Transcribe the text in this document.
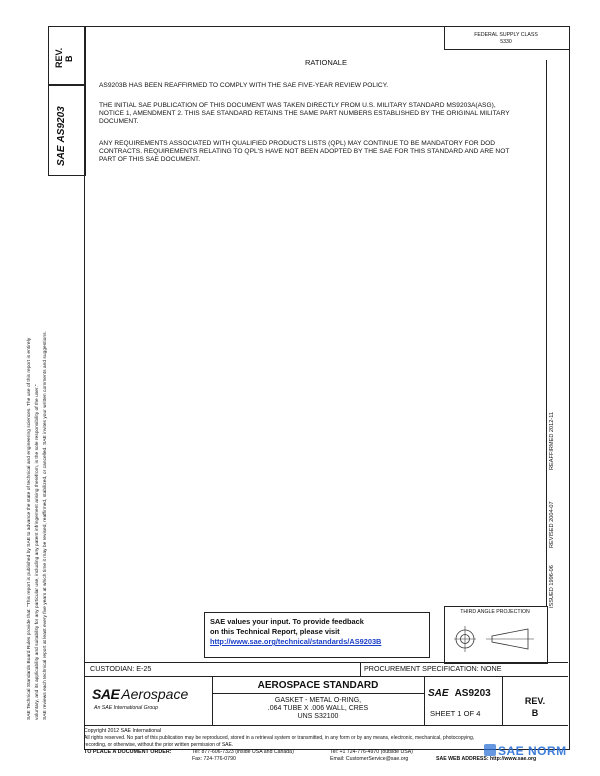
REV. B
SAEAS9203
SAE Technical Standards Board Rules provide that: "This report is published by SAE to advance the state of technical and engineering sciences. The use of this report is entirely voluntary, and its applicability and suitability for any particular use, including any patent infringement arising therefrom, is the sole responsibility of the user." SAE reviews each technical report at least every five years at which time it may be revised, reaffirmed, stabilized, or cancelled. SAE invites your written comments and suggestions.
FEDERAL SUPPLY CLASS
5330
RATIONALE
AS9203B HAS BEEN REAFFIRMED TO COMPLY WITH THE SAE FIVE-YEAR REVIEW POLICY.
THE INITIAL SAE PUBLICATION OF THIS DOCUMENT WAS TAKEN DIRECTLY FROM U.S. MILITARY STANDARD MS9203A(ASG), NOTICE 1, AMENDMENT 2. THIS SAE STANDARD RETAINS THE SAME PART NUMBERS ESTABLISHED BY THE ORIGINAL MILITARY DOCUMENT.
ANY REQUIREMENTS ASSOCIATED WITH QUALIFIED PRODUCTS LISTS (QPL) MAY CONTINUE TO BE MANDATORY FOR DOD CONTRACTS. REQUIREMENTS RELATING TO QPL'S HAVE NOT BEEN ADOPTED BY THE SAE FOR THIS STANDARD AND ARE NOT PART OF THIS SAE DOCUMENT.
REAFFIRMED 2012-11
REVISED 2004-07
ISSUED 1996-06
SAE values your input. To provide feedback
on this Technical Report, please visit
http://www.sae.org/technical/standards/AS9203B
THIRD ANGLE PROJECTION
CUSTODIAN: E-25	PROCUREMENT SPECIFICATION: NONE
SAE Aerospace
An SAE International Group
AEROSPACE STANDARD
GASKET - METAL O-RING,
.064 TUBE X .006 WALL, CRES
UNS S32100
SAE AS9203
SHEET 1 OF 4
REV.
B
Copyright 2012 SAE International
All rights reserved. No part of this publication may be reproduced, stored in a retrieval system or transmitted, in any form or by any means, electronic, mechanical, photocopying,
recording, or otherwise, without the prior written permission of SAE.
TO PLACE A DOCUMENT ORDER:	Tel: 877-606-7323 (inside USA and Canada)
Fax: 724-776-0790
Tel: +1 724-776-4970 (outside USA)
Email: CustomerService@sae.org	SAE WEB ADDRESS: http://www.sae.org
SAE NORM
